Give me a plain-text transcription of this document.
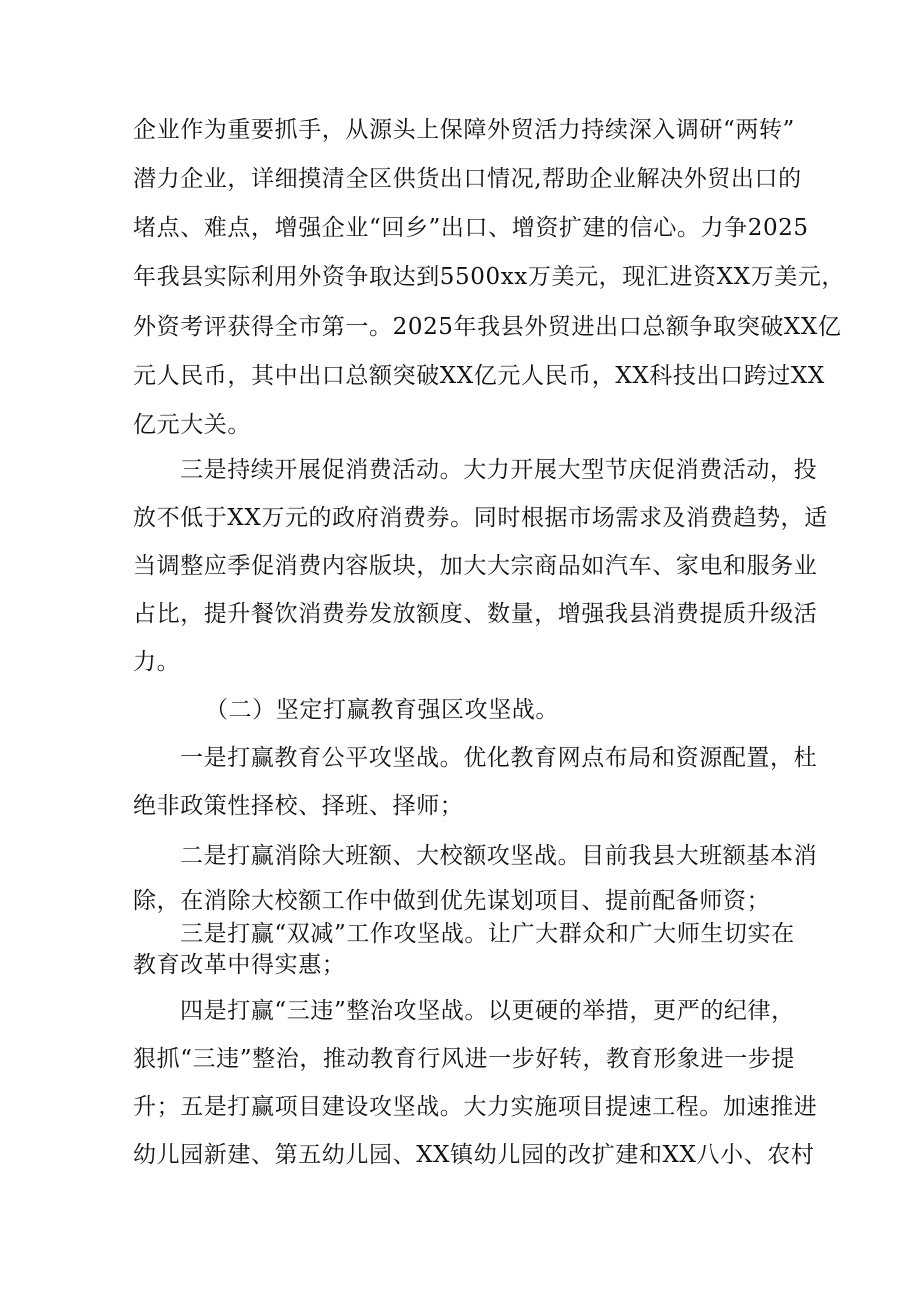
企业作为重要抓手，从源头上保障外贸活力持续深入调研“两转”
潜力企业，详细摸清全区供货出口情况,帮助企业解决外贸出口的
堵点、难点，增强企业“回乡”出口、增资扩建的信心。力争2025
年我县实际利用外资争取达到5500xx万美元，现汇进资XX万美元，
外资考评获得全市第一。2025年我县外贸进出口总额争取突破XX亿
元人民币，其中出口总额突破XX亿元人民币，XX科技出口跨过XX
亿元大关。
三是持续开展促消费活动。大力开展大型节庆促消费活动，投
放不低于XX万元的政府消费券。同时根据市场需求及消费趋势，适
当调整应季促消费内容版块，加大大宗商品如汽车、家电和服务业
占比，提升餐饮消费券发放额度、数量，增强我县消费提质升级活
力。
（二）坚定打赢教育强区攻坚战。
一是打赢教育公平攻坚战。优化教育网点布局和资源配置，杜
绝非政策性择校、择班、择师；
二是打赢消除大班额、大校额攻坚战。目前我县大班额基本消
除，在消除大校额工作中做到优先谋划项目、提前配备师资；
三是打赢“双减”工作攻坚战。让广大群众和广大师生切实在
教育改革中得实惠；
四是打赢“三违”整治攻坚战。以更硬的举措，更严的纪律，
狠抓“三违”整治，推动教育行风进一步好转，教育形象进一步提
升；五是打赢项目建设攻坚战。大力实施项目提速工程。加速推进
幼儿园新建、第五幼儿园、XX镇幼儿园的改扩建和XX八小、农村
